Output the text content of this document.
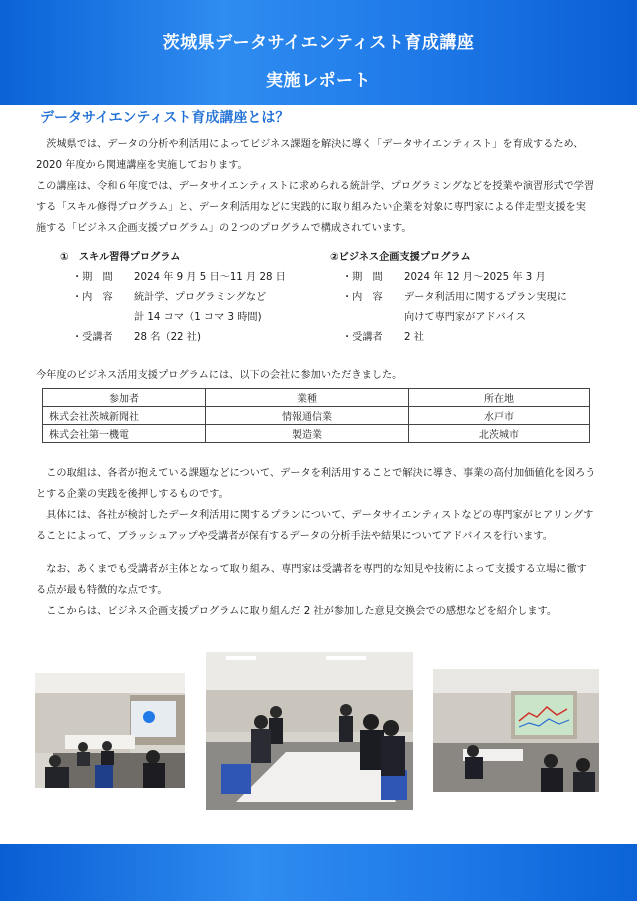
茨城県データサイエンティスト育成講座
実施レポート
データサイエンティスト育成講座とは？

茨城県では、データの分析や利活用によってビジネス課題を解決に導く「データサイエンティスト」を育成するため、2020 年度から関連講座を実施しております。

この講座は、令和６年度では、データサイエンティストに求められる統計学、プログラミングなどを授業や演習形式で学習する「スキル修得プログラム」と、データ利活用などに実践的に取り組みたい企業を対象に専門家による伴走型支援を実施する「ビジネス企画支援プログラム」の２つのプログラムで構成されています。

①　スキル習得プログラム
・期　間	2024 年 9 月 5 日～11 月 28 日
・内　容	統計学、プログラミングなど
計 14 コマ（1 コマ 3 時間)
・受講者	28 名（22 社)
②ビジネス企画支援プログラム
・期　間	2024 年 12 月～2025 年 3 月
・内　容	データ利活用に関するプラン実現に
向けて専門家がアドバイス
・受講者	2 社
今年度のビジネス活用支援プログラムには、以下の会社に参加いただきました。
参加者	業種	所在地
株式会社茨城新聞社	情報通信業	水戸市
株式会社第一機電	製造業	北茨城市

この取組は、各者が抱えている課題などについて、データを利活用することで解決に導き、事業の高付加価値化を図ろうとする企業の実践を後押しするものです。

具体には、各社が検討したデータ利活用に関するプランについて、データサイエンティストなどの専門家がヒアリングすることによって、ブラッシュアップや受講者が保有するデータの分析手法や結果についてアドバイスを行います。

なお、あくまでも受講者が主体となって取り組み、専門家は受講者を専門的な知見や技術によって支援する立場に徹する点が最も特徴的な点です。

ここからは、ビジネス企画支援プログラムに取り組んだ 2 社が参加した意見交換会での感想などを紹介します。
